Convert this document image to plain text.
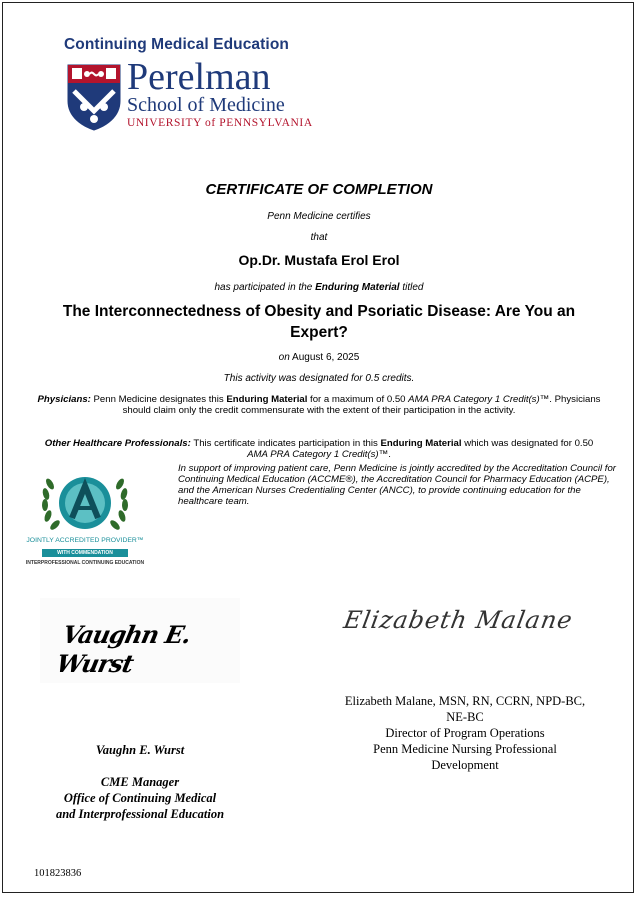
Continuing Medical Education
Perelman
School of Medicine
UNIVERSITY of PENNSYLVANIA
CERTIFICATE OF COMPLETION
Penn Medicine certifies
that
Op.Dr. Mustafa Erol Erol
has participated in the Enduring Material titled
The Interconnectedness of Obesity and Psoriatic Disease: Are You an Expert?
on August 6, 2025
This activity was designated for 0.5 credits.
Physicians: Penn Medicine designates this Enduring Material for a maximum of 0.50 AMA PRA Category 1 Credit(s)™. Physicians should claim only the credit commensurate with the extent of their participation in the activity.
Other Healthcare Professionals: This certificate indicates participation in this Enduring Material which was designated for 0.50 AMA PRA Category 1 Credit(s)™.
In support of improving patient care, Penn Medicine is jointly accredited by the Accreditation Council for Continuing Medical Education (ACCME®), the Accreditation Council for Pharmacy Education (ACPE), and the American Nurses Credentialing Center (ANCC), to provide continuing education for the healthcare team.
JOINTLY ACCREDITED PROVIDER™
WITH COMMENDATION
INTERPROFESSIONAL CONTINUING EDUCATION
Vaughn E. Wurst
Vaughn E. Wurst
CME Manager
Office of Continuing Medical
and Interprofessional Education
Elizabeth Malane
Elizabeth Malane, MSN, RN, CCRN, NPD-BC,
NE-BC
Director of Program Operations
Penn Medicine Nursing Professional
Development
101823836
